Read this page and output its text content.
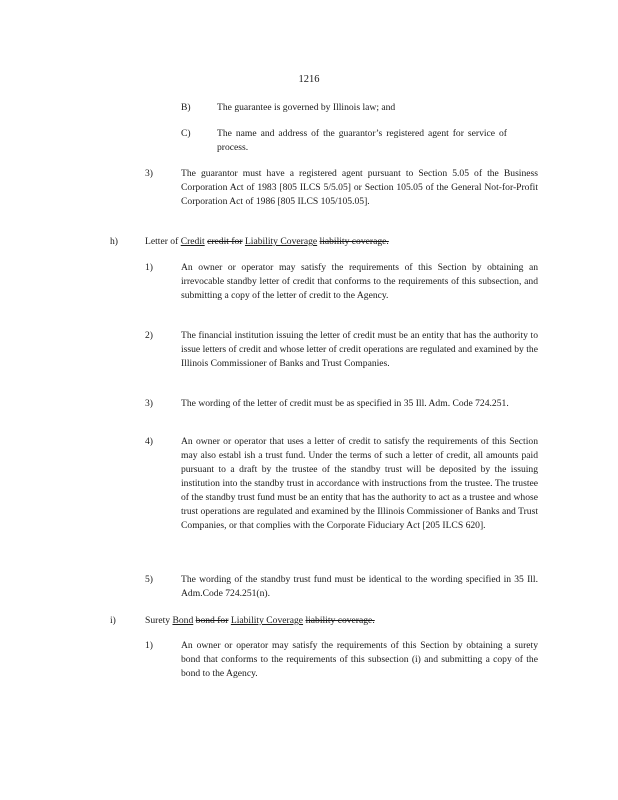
1216
B)	The guarantee is governed by Illinois law; and
C)	The name and address of the guarantor’s registered agent for service of process.
3)	The guarantor must have a registered agent pursuant to Section 5.05 of the Business Corporation Act of 1983 [805 ILCS 5/5.05] or Section 105.05 of the General Not-for-Profit Corporation Act of 1986 [805 ILCS 105/105.05].
h)	Letter of Credit credit for Liability Coverage liability coverage.
1)	An owner or operator may satisfy the requirements of this Section by obtaining an irrevocable standby letter of credit that conforms to the requirements of this subsection, and submitting a copy of the letter of credit to the Agency.
2)	The financial institution issuing the letter of credit must be an entity that has the authority to issue letters of credit and whose letter of credit operations are regulated and examined by the Illinois Commissioner of Banks and Trust Companies.
3)	The wording of the letter of credit must be as specified in 35 Ill. Adm. Code 724.251.
4)	An owner or operator that uses a letter of credit to satisfy the requirements of this Section may also establ ish a trust fund. Under the terms of such a letter of credit, all amounts paid pursuant to a draft by the trustee of the standby trust will be deposited by the issuing institution into the standby trust in accordance with instructions from the trustee. The trustee of the standby trust fund must be an entity that has the authority to act as a trustee and whose trust operations are regulated and examined by the Illinois Commissioner of Banks and Trust Companies, or that complies with the Corporate Fiduciary Act [205 ILCS 620].
5)	The wording of the standby trust fund must be identical to the wording specified in 35 Ill. Adm.Code 724.251(n).
i)	Surety Bond bond for Liability Coverage liability coverage.
1)	An owner or operator may satisfy the requirements of this Section by obtaining a surety bond that conforms to the requirements of this subsection (i) and submitting a copy of the bond to the Agency.
